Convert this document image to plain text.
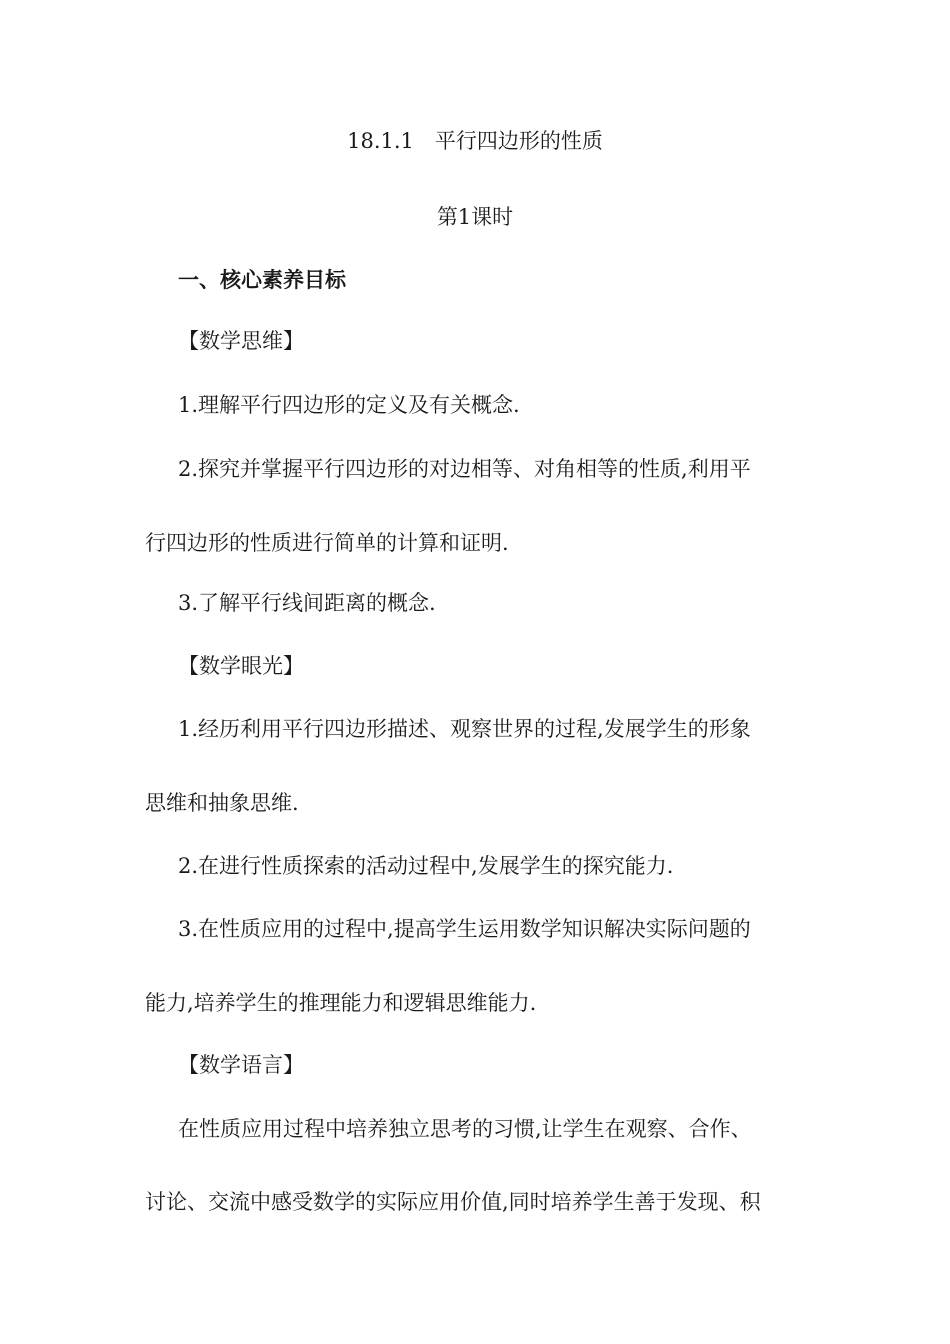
18.1.1　平行四边形的性质
第1课时
一、核心素养目标
【数学思维】
1.理解平行四边形的定义及有关概念.
2.探究并掌握平行四边形的对边相等、对角相等的性质,利用平
行四边形的性质进行简单的计算和证明.
3.了解平行线间距离的概念.
【数学眼光】
1.经历利用平行四边形描述、观察世界的过程,发展学生的形象
思维和抽象思维.
2.在进行性质探索的活动过程中,发展学生的探究能力.
3.在性质应用的过程中,提高学生运用数学知识解决实际问题的
能力,培养学生的推理能力和逻辑思维能力.
【数学语言】
在性质应用过程中培养独立思考的习惯,让学生在观察、合作、
讨论、交流中感受数学的实际应用价值,同时培养学生善于发现、积
